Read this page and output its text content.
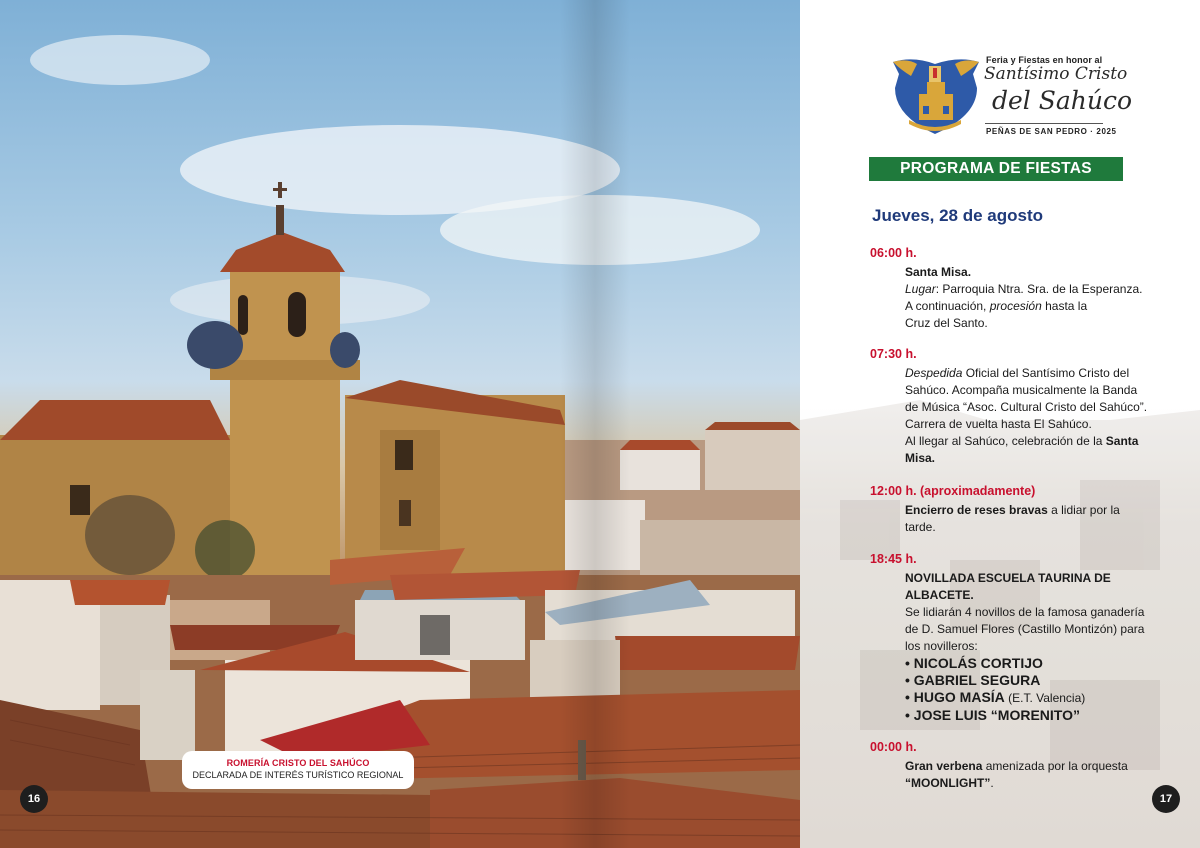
ROMERÍA CRISTO DEL SAHÚCO
DECLARADA DE INTERÉS TURÍSTICO REGIONAL
16	17
Feria y Fiestas en honor al
Santísimo Cristo
del Sahúco
PEÑAS DE SAN PEDRO · 2025
PROGRAMA DE FIESTAS
Jueves, 28 de agosto
06:00 h.

Santa Misa.

Lugar: Parroquia Ntra. Sra. de la Esperanza.

A continuación, procesión hasta la

Cruz del Santo.

07:30 h.

Despedida Oficial del Santísimo Cristo del

Sahúco. Acompaña musicalmente la Banda

de Música “Asoc. Cultural Cristo del Sahúco”.

Carrera de vuelta hasta El Sahúco.

Al llegar al Sahúco, celebración de la Santa

Misa.

12:00 h. (aproximadamente)

Encierro de reses bravas a lidiar por la

tarde.

18:45 h.

NOVILLADA ESCUELA TAURINA DE

ALBACETE.

Se lidiarán 4 novillos de la famosa ganadería

de D. Samuel Flores (Castillo Montizón) para

los novilleros:

• NICOLÁS CORTIJO

• GABRIEL SEGURA

• HUGO MASÍA (E.T. Valencia)

• JOSE LUIS “MORENITO”

00:00 h.

Gran verbena amenizada por la orquesta

“MOONLIGHT”.
